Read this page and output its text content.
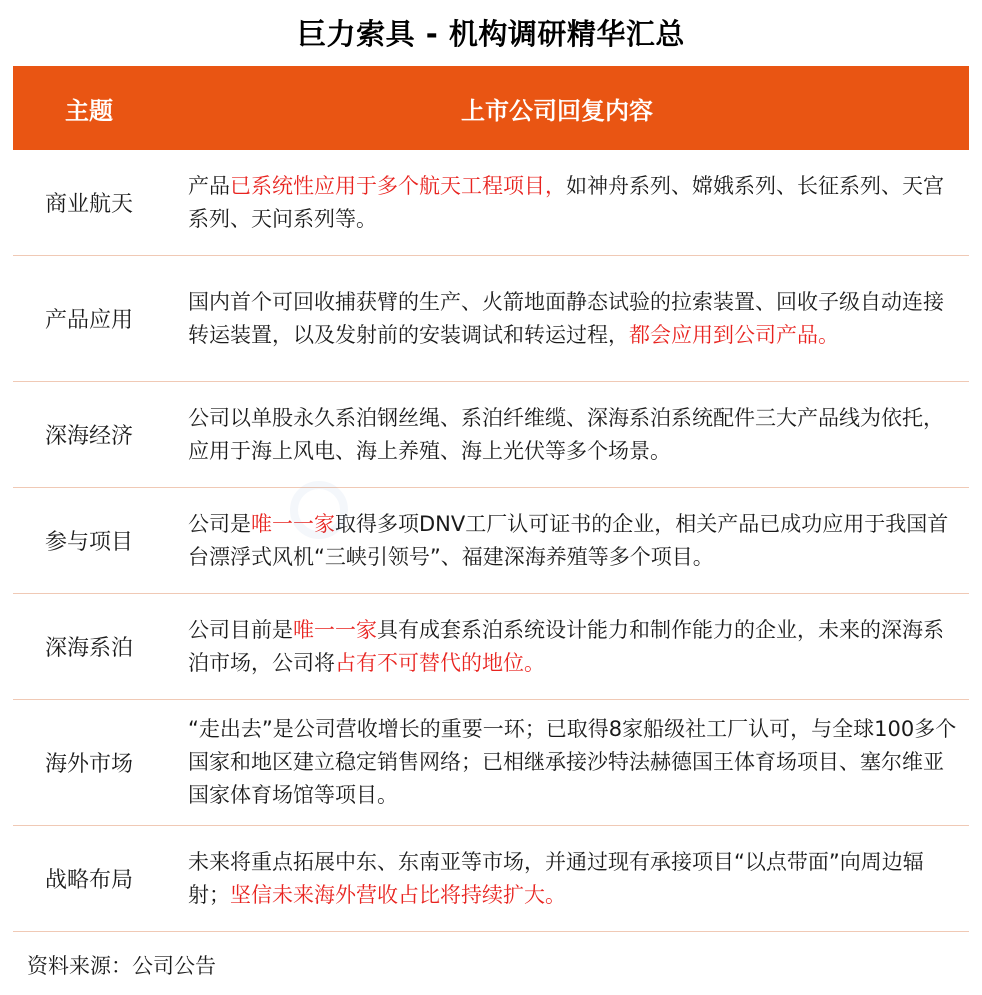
巨力索具 - 机构调研精华汇总
主题	上市公司回复内容
商业航天
产品已系统性应用于多个航天工程项目，如神舟系列、嫦娥系列、长征系列、天宫系列、天问系列等。
产品应用
国内首个可回收捕获臂的生产、火箭地面静态试验的拉索装置、回收子级自动连接转运装置，以及发射前的安装调试和转运过程，都会应用到公司产品。
深海经济
公司以单股永久系泊钢丝绳、系泊纤维缆、深海系泊系统配件三大产品线为依托，应用于海上风电、海上养殖、海上光伏等多个场景。
参与项目
公司是唯一一家取得多项DNV工厂认可证书的企业，相关产品已成功应用于我国首台漂浮式风机“三峡引领号”、福建深海养殖等多个项目。
深海系泊
公司目前是唯一一家具有成套系泊系统设计能力和制作能力的企业，未来的深海系泊市场，公司将占有不可替代的地位。
海外市场
“走出去”是公司营收增长的重要一环；已取得8家船级社工厂认可，与全球100多个国家和地区建立稳定销售网络；已相继承接沙特法赫德国王体育场项目、塞尔维亚国家体育场馆等项目。
战略布局
未来将重点拓展中东、东南亚等市场，并通过现有承接项目“以点带面”向周边辐射；坚信未来海外营收占比将持续扩大。
资料来源：公司公告
